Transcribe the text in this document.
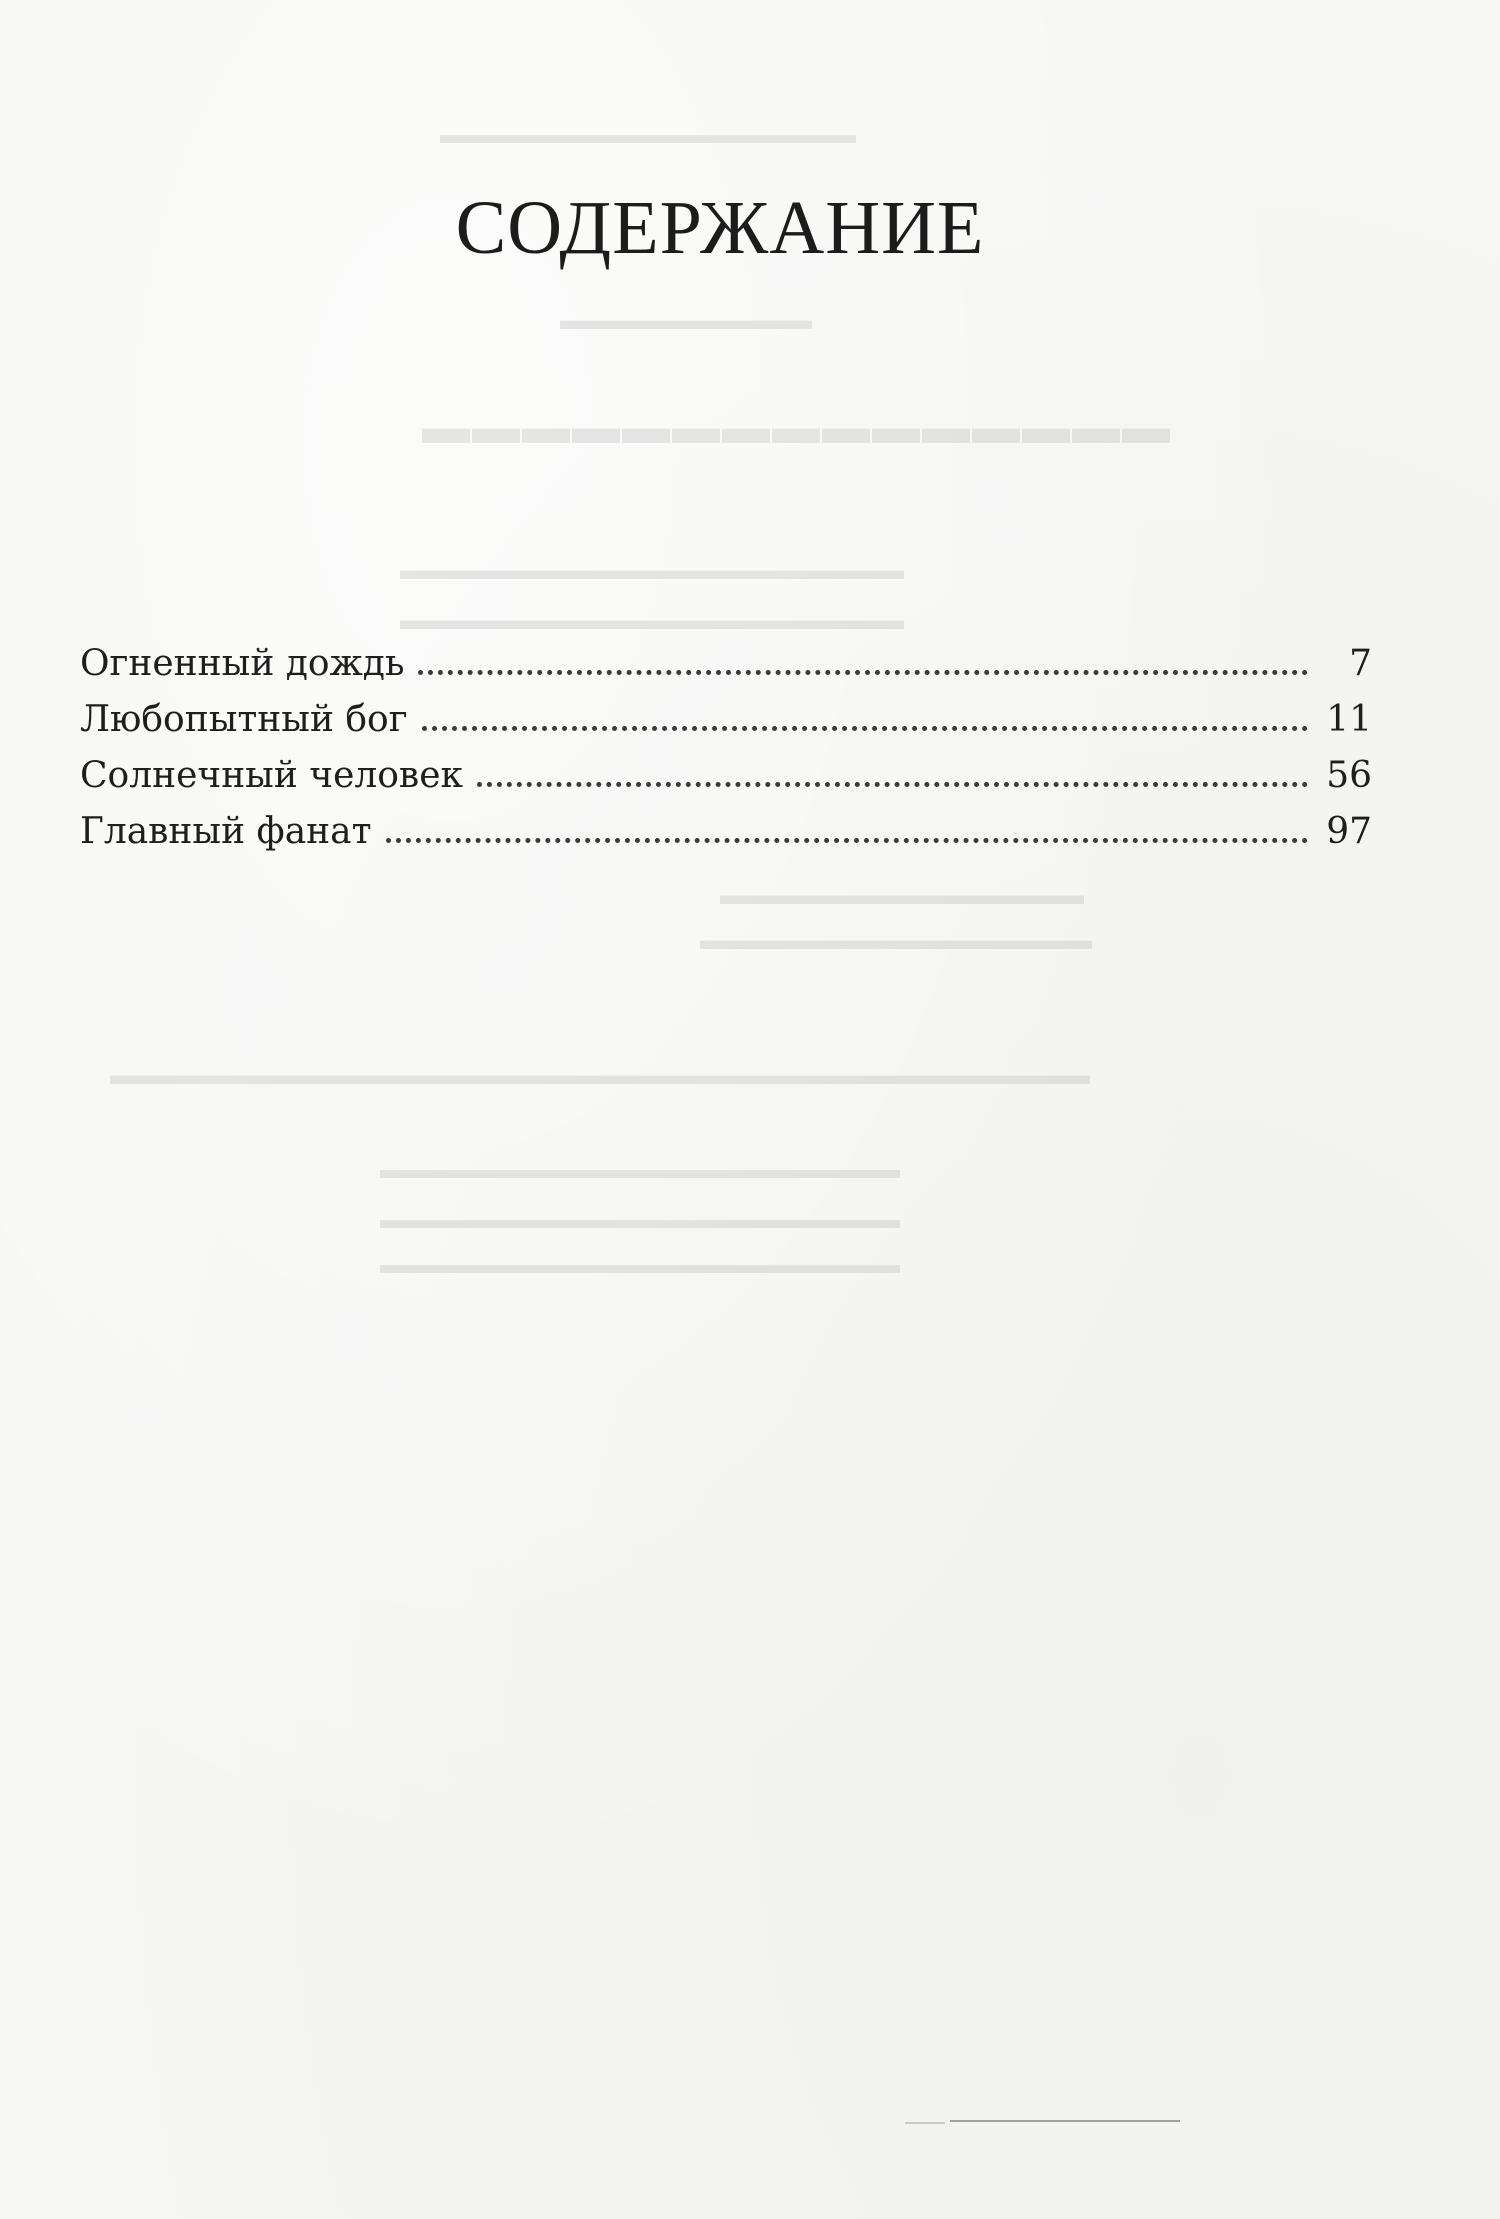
▬▬▬▬▬▬▬▬▬▬▬▬▬▬▬▬
▬▬▬▬▬▬▬▬▬
▬▬▬▬▬▬▬▬▬▬▬▬▬▬▬
▬▬▬▬▬▬▬▬▬▬▬▬▬▬▬▬▬▬
▬▬▬▬▬▬▬▬▬▬▬▬▬▬▬▬▬▬
▬▬▬▬▬▬▬▬▬▬▬▬▬
▬▬▬▬▬▬▬▬▬▬▬▬▬▬
▬▬▬▬▬▬▬▬▬▬▬▬▬▬▬▬▬▬▬▬▬▬▬▬▬▬▬▬▬▬▬▬▬▬▬
▬▬▬▬▬▬▬▬▬▬▬▬▬▬▬▬▬▬▬▬
▬▬▬▬▬▬▬▬▬▬▬▬▬▬▬▬▬▬▬▬
▬▬▬▬▬▬▬▬▬▬▬▬▬▬▬▬▬▬▬▬
СОДЕРЖАНИЕ
Огненный дождь	7
Любопытный бог	11
Солнечный человек	56
Главный фанат	97
